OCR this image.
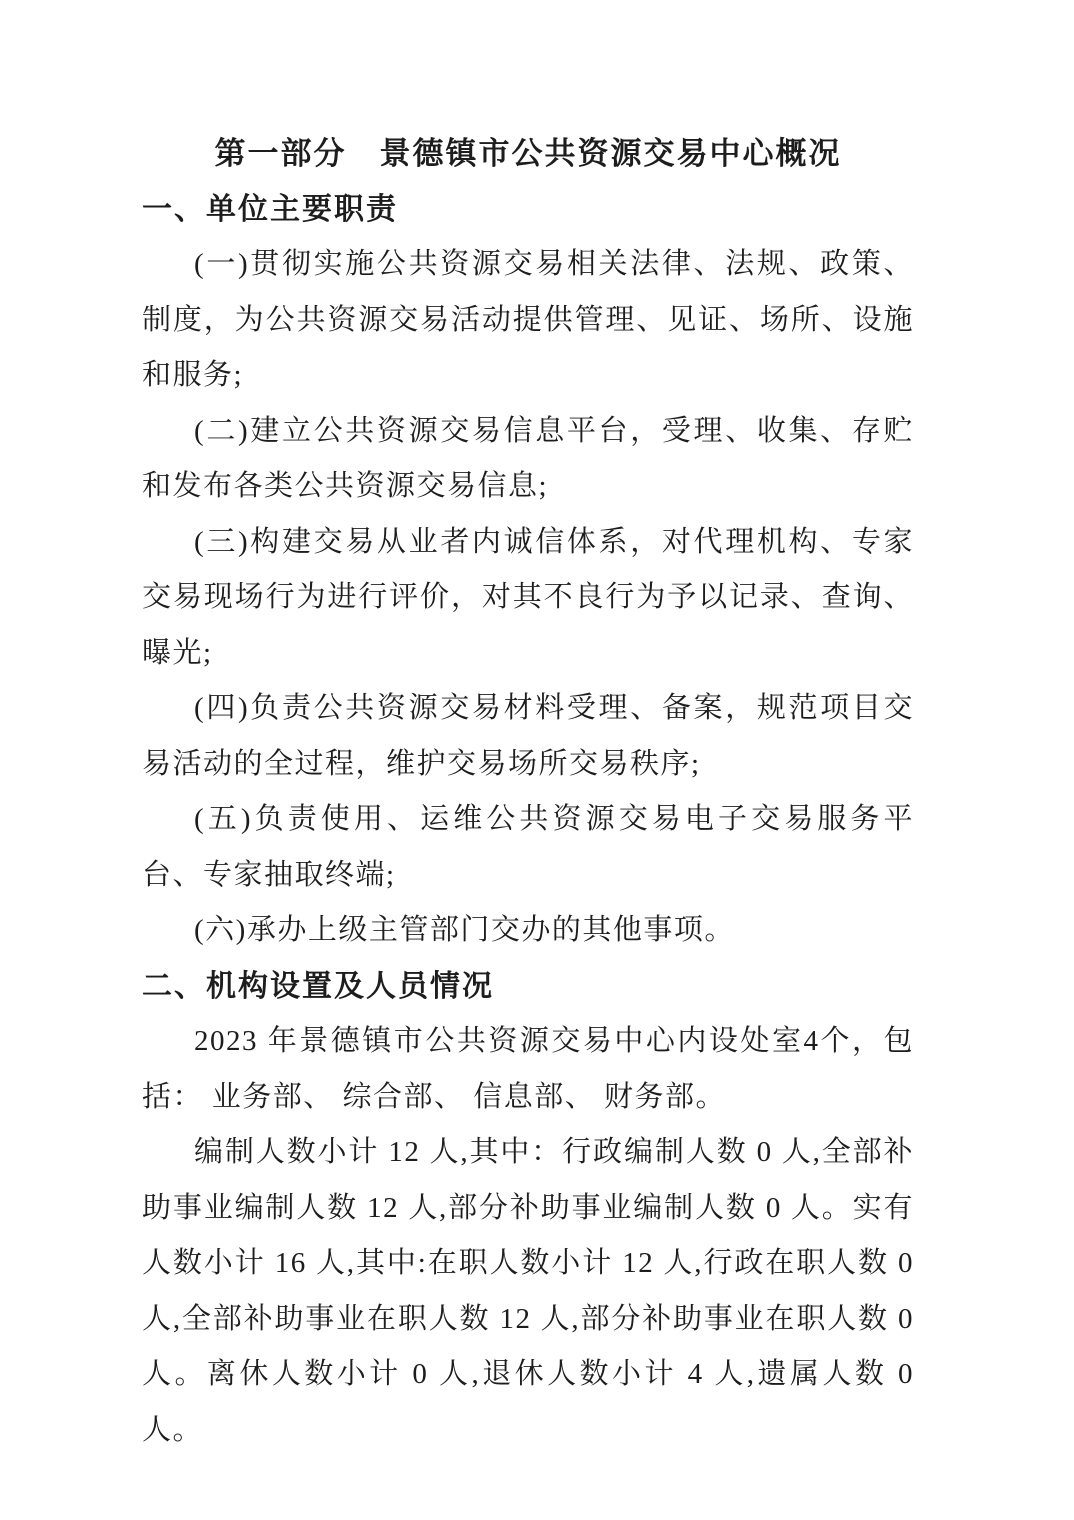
第一部分　景德镇市公共资源交易中心概况
一、单位主要职责

(一)贯彻实施公共资源交易相关法律、法规、政策、制度，为公共资源交易活动提供管理、见证、场所、设施和服务;

(二)建立公共资源交易信息平台，受理、收集、存贮和发布各类公共资源交易信息;

(三)构建交易从业者内诚信体系，对代理机构、专家交易现场行为进行评价，对其不良行为予以记录、查询、曝光;

(四)负责公共资源交易材料受理、备案，规范项目交易活动的全过程，维护交易场所交易秩序;

(五)负责使用、运维公共资源交易电子交易服务平台、专家抽取终端;

(六)承办上级主管部门交办的其他事项。

二、机构设置及人员情况

2023 年景德镇市公共资源交易中心内设处室4个，包括： 业务部、 综合部、 信息部、 财务部。

编制人数小计 12 人,其中：行政编制人数 0 人,全部补助事业编制人数 12 人,部分补助事业编制人数 0 人。实有人数小计 16 人,其中:在职人数小计 12 人,行政在职人数 0 人,全部补助事业在职人数 12 人,部分补助事业在职人数 0 人。离休人数小计 0 人,退休人数小计 4 人,遗属人数 0 人。
